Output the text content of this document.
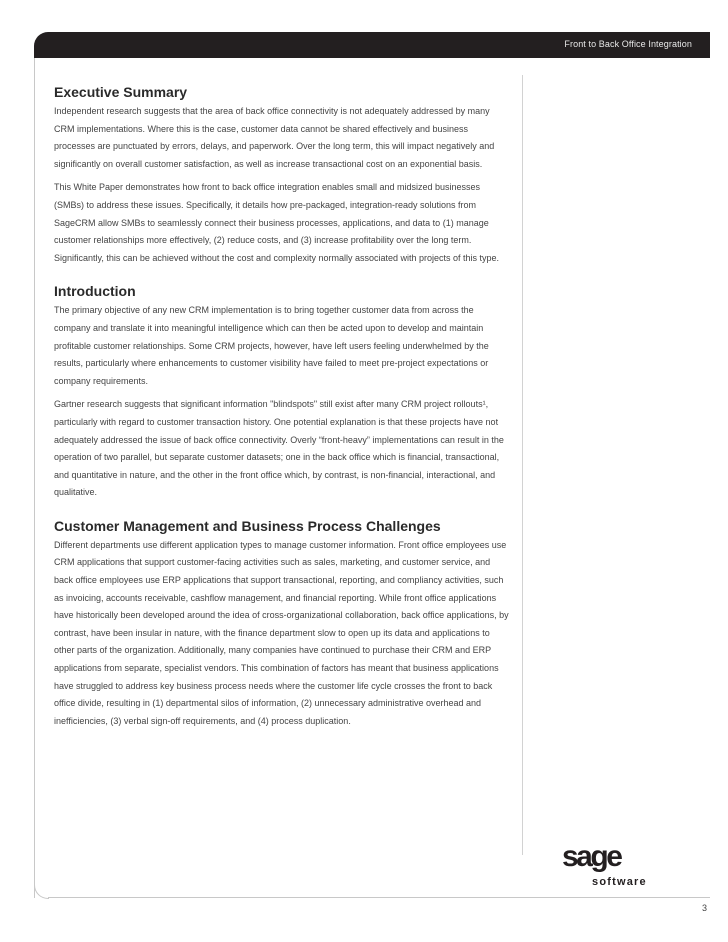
Front to Back Office Integration
Executive Summary

Independent research suggests that the area of back office connectivity is not adequately addressed by many CRM implementations. Where this is the case, customer data cannot be shared effectively and business processes are punctuated by errors, delays, and paperwork. Over the long term, this will impact negatively and significantly on overall customer satisfaction, as well as increase transactional cost on an exponential basis.

This White Paper demonstrates how front to back office integration enables small and midsized businesses (SMBs) to address these issues. Specifically, it details how pre-packaged, integration-ready solutions from SageCRM allow SMBs to seamlessly connect their business processes, applications, and data to (1) manage customer relationships more effectively, (2) reduce costs, and (3) increase profitability over the long term. Significantly, this can be achieved without the cost and complexity normally associated with projects of this type.

Introduction

The primary objective of any new CRM implementation is to bring together customer data from across the company and translate it into meaningful intelligence which can then be acted upon to develop and maintain profitable customer relationships. Some CRM projects, however, have left users feeling underwhelmed by the results, particularly where enhancements to customer visibility have failed to meet pre-project expectations or company requirements.

Gartner research suggests that significant information "blindspots" still exist after many CRM project rollouts¹, particularly with regard to customer transaction history. One potential explanation is that these projects have not adequately addressed the issue of back office connectivity. Overly “front-heavy” implementations can result in the operation of two parallel, but separate customer datasets; one in the back office which is financial, transactional, and quantitative in nature, and the other in the front office which, by contrast, is non-financial, interactional, and qualitative.

Customer Management and Business Process Challenges

Different departments use different application types to manage customer information. Front office employees use CRM applications that support customer-facing activities such as sales, marketing, and customer service, and back office employees use ERP applications that support transactional, reporting, and compliancy activities, such as invoicing, accounts receivable, cashflow management, and financial reporting. While front office applications have historically been developed around the idea of cross-organizational collaboration, back office applications, by contrast, have been insular in nature, with the finance department slow to open up its data and applications to other parts of the organization. Additionally, many companies have continued to purchase their CRM and ERP applications from separate, specialist vendors. This combination of factors has meant that business applications have struggled to address key business process needs where the customer life cycle crosses the front to back office divide, resulting in (1) departmental silos of information, (2) unnecessary administrative overhead and inefficiencies, (3) verbal sign-off requirements, and (4) process duplication.

sage
software
3
